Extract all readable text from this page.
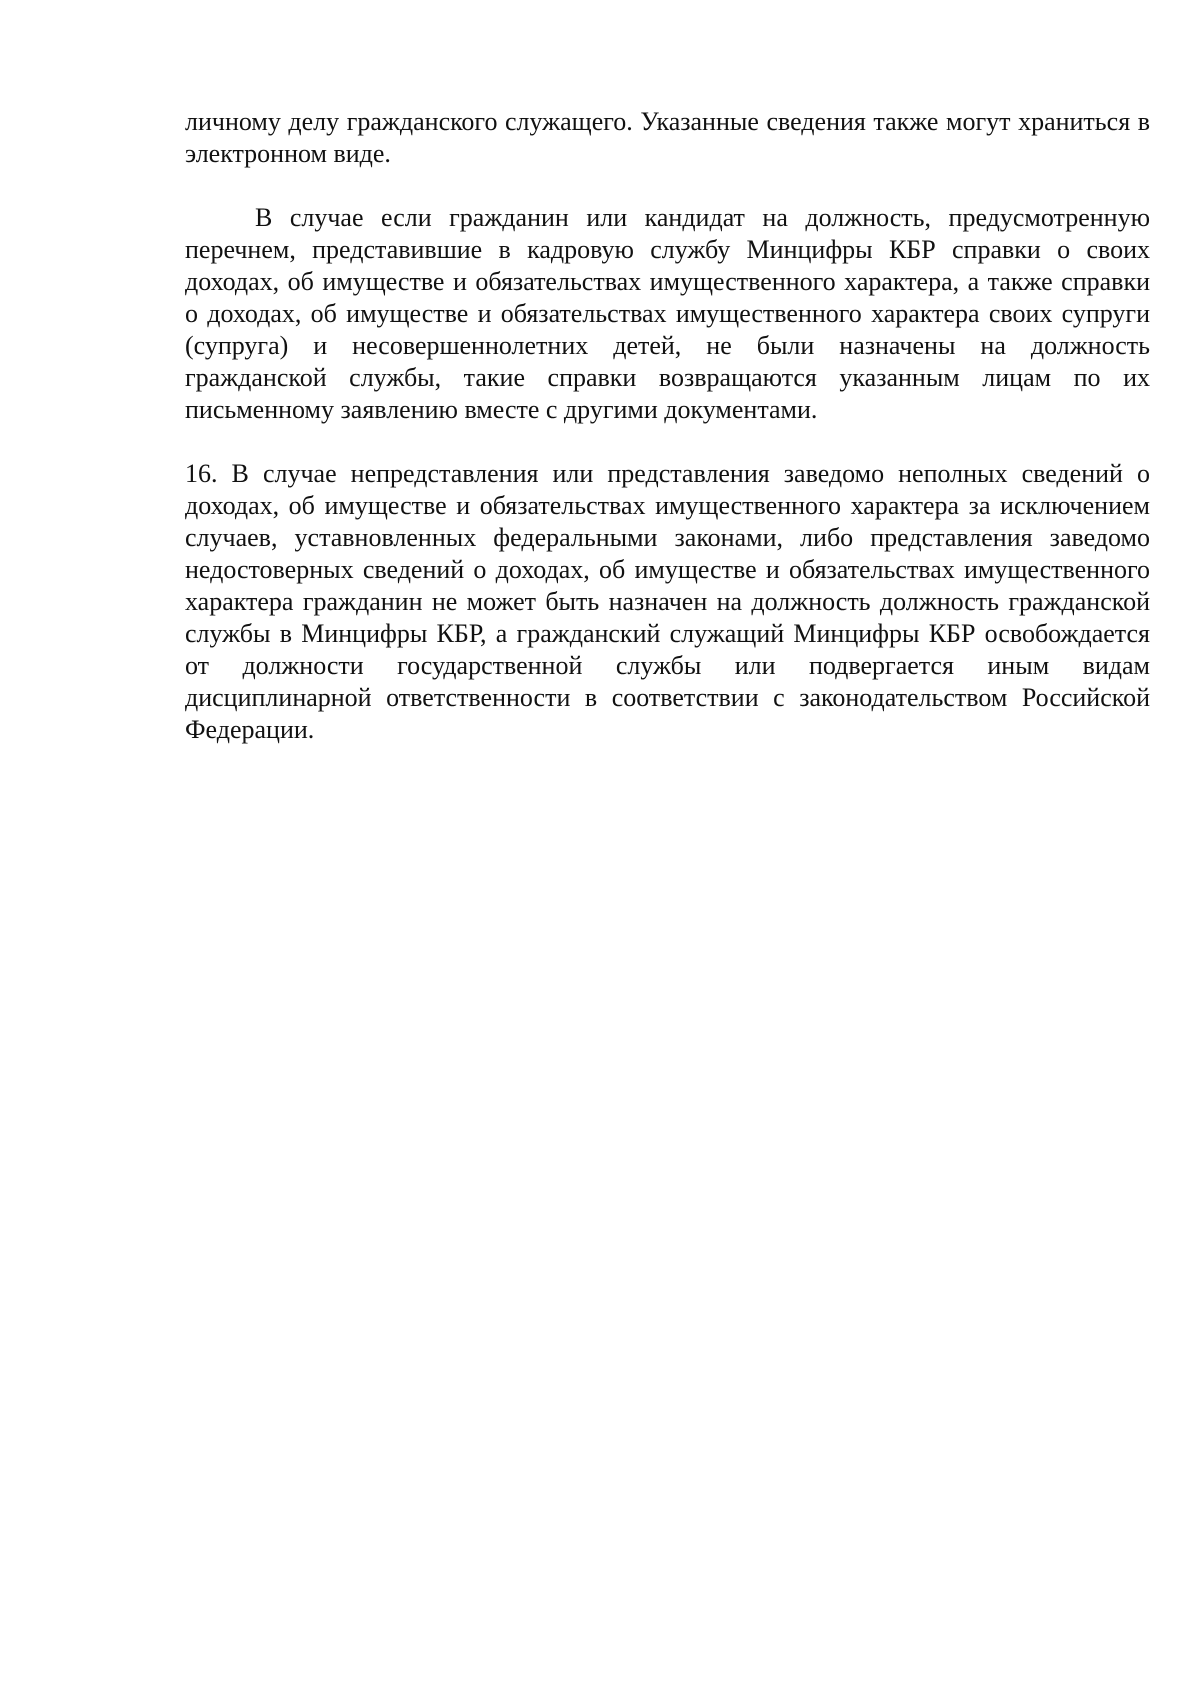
личному делу гражданского служащего. Указанные сведения также могут храниться в электронном виде.

В случае если гражданин или кандидат на должность, предусмотренную перечнем, представившие в кадровую службу Минцифры КБР справки о своих доходах, об имуществе и обязательствах имущественного характера, а также справки о доходах, об имуществе и обязательствах имущественного характера своих супруги (супруга) и несовершеннолетних детей, не были назначены на должность гражданской службы, такие справки возвращаются указанным лицам по их письменному заявлению вместе с другими документами.

16. В случае непредставления или представления заведомо неполных сведений о доходах, об имуществе и обязательствах имущественного характера за исключением случаев, уставновленных федеральными законами, либо представления заведомо недостоверных сведений о доходах, об имуществе и обязательствах имущественного характера гражданин не может быть назначен на должность должность гражданской службы в Минцифры КБР, а гражданский служащий Минцифры КБР освобождается от должности государственной службы или подвергается иным видам дисциплинарной ответственности в соответствии с законодательством Российской Федерации.
